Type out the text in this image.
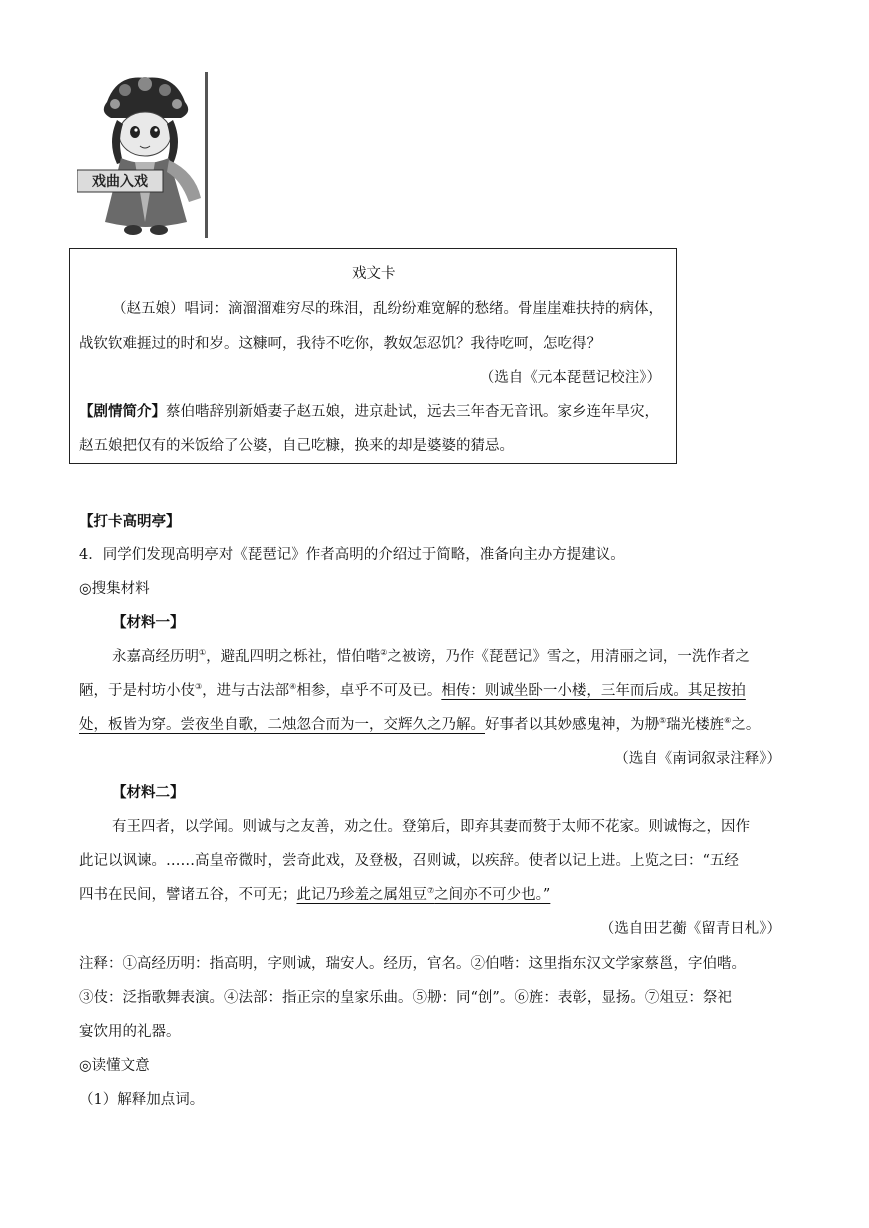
戏曲入戏
戏文卡
（赵五娘）唱词：滴溜溜难穷尽的珠泪，乱纷纷难宽解的愁绪。骨崖崖难扶持的病体，
战钦钦难捱过的时和岁。这糠呵，我待不吃你，教奴怎忍饥？我待吃呵，怎吃得？
（选自《元本琵琶记校注》）
【剧情简介】蔡伯喈辞别新婚妻子赵五娘，进京赴试，远去三年杳无音讯。家乡连年旱灾，
赵五娘把仅有的米饭给了公婆，自己吃糠，换来的却是婆婆的猜忌。
【打卡高明亭】
4．同学们发现高明亭对《琵琶记》作者高明的介绍过于简略，准备向主办方提建议。
◎搜集材料
【材料一】
永嘉高经历明①，避乱四明之栎社，惜伯喈②之被谤，乃作《琵琶记》雪之，用清丽之词，一洗作者之
陋，于是村坊小伎③，进与古法部④相参，卓乎不可及已。相传：则诚坐卧一小楼，三年而后成。其足按拍
处，板皆为穿。尝夜坐自歌，二烛忽合而为一，交辉久之乃解。好事者以其妙感鬼神，为刱⑤瑞光楼旌⑥之。
（选自《南词叙录注释》）
【材料二】
有王四者，以学闻。则诚与之友善，劝之仕。登第后，即弃其妻而赘于太师不花家。则诚悔之，因作
此记以讽谏。……高皇帝微时，尝奇此戏，及登极，召则诚，以疾辞。使者以记上进。上览之曰：“五经
四书在民间，譬诸五谷，不可无；此记乃珍羞之属俎豆⑦之间亦不可少也。”
（选自田艺蘅《留青日札》）
注释：①高经历明：指高明，字则诚，瑞安人。经历，官名。②伯喈：这里指东汉文学家蔡邕，字伯喈。
③伎：泛指歌舞表演。④法部：指正宗的皇家乐曲。⑤刱：同“创”。⑥旌：表彰，显扬。⑦俎豆：祭祀
宴饮用的礼器。
◎读懂文意
（1）解释加点词。
